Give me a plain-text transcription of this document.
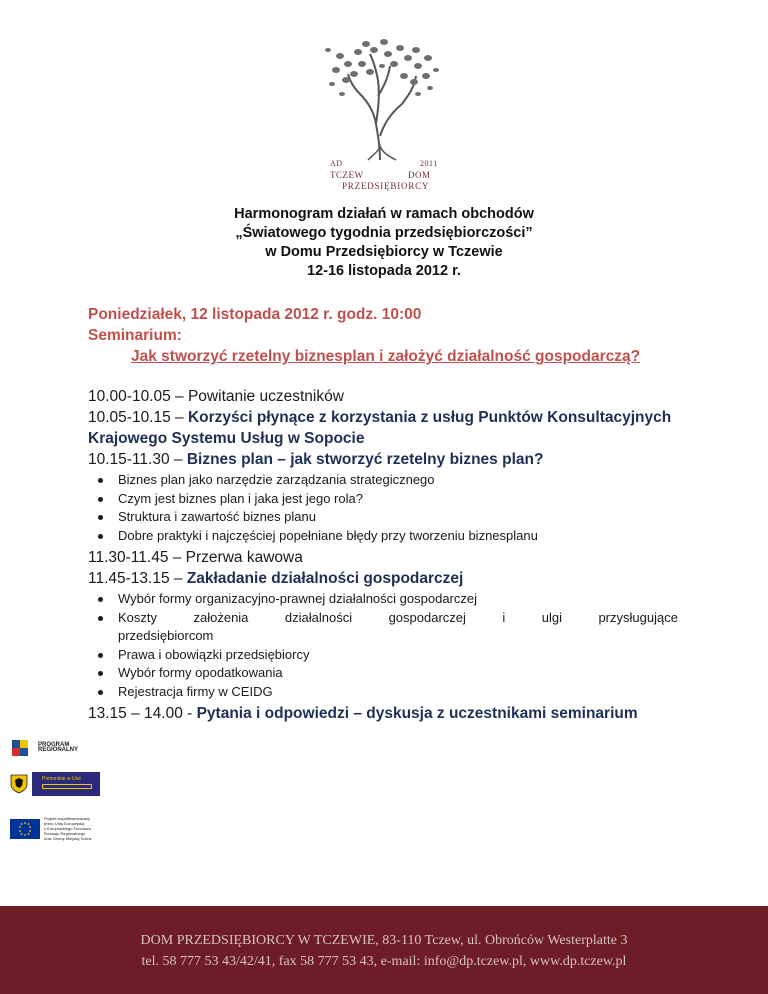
AD	2011
TCZEW	DOM
PRZEDSIĘBIORCY
Harmonogram działań w ramach obchodów
„Światowego tygodnia przedsiębiorczości”
w Domu Przedsiębiorcy w Tczewie
12-16 listopada 2012 r.
Poniedziałek, 12 listopada 2012 r. godz. 10:00
Seminarium:
Jak stworzyć rzetelny biznesplan i założyć działalność gospodarczą?
10.00-10.05 – Powitanie uczestników
10.05-10.15 – Korzyści płynące z korzystania z usług Punktów Konsultacyjnych
Krajowego Systemu Usług w Sopocie
10.15-11.30 – Biznes plan – jak stworzyć rzetelny biznes plan?
Biznes plan jako narzędzie zarządzania strategicznego
Czym jest biznes plan i jaka jest jego rola?
Struktura i zawartość biznes planu
Dobre praktyki i najczęściej popełniane błędy przy tworzeniu biznesplanu
11.30-11.45 – Przerwa kawowa
11.45-13.15 – Zakładanie działalności gospodarczej
Wybór formy organizacyjno-prawnej działalności gospodarczej
Koszty	założenia	działalności	gospodarczej	i	ulgi	przysługujące
przedsiębiorcom
Prawa i obowiązki przedsiębiorcy
Wybór formy opodatkowania
Rejestracja firmy w CEIDG
13.15 – 14.00 - Pytania i odpowiedzi – dyskusja z uczestnikami seminarium
PROGRAM
REGIONALNY
Pomorskie w Unii
Projekt współfinansowany
przez Unię Europejską
z Europejskiego Funduszu
Rozwoju Regionalnego
oraz Gminę Miejską Tczew
DOM PRZEDSIĘBIORCY W TCZEWIE, 83-110 Tczew, ul. Obrońców Westerplatte 3
tel. 58 777 53 43/42/41, fax 58 777 53 43, e-mail: info@dp.tczew.pl, www.dp.tczew.pl
